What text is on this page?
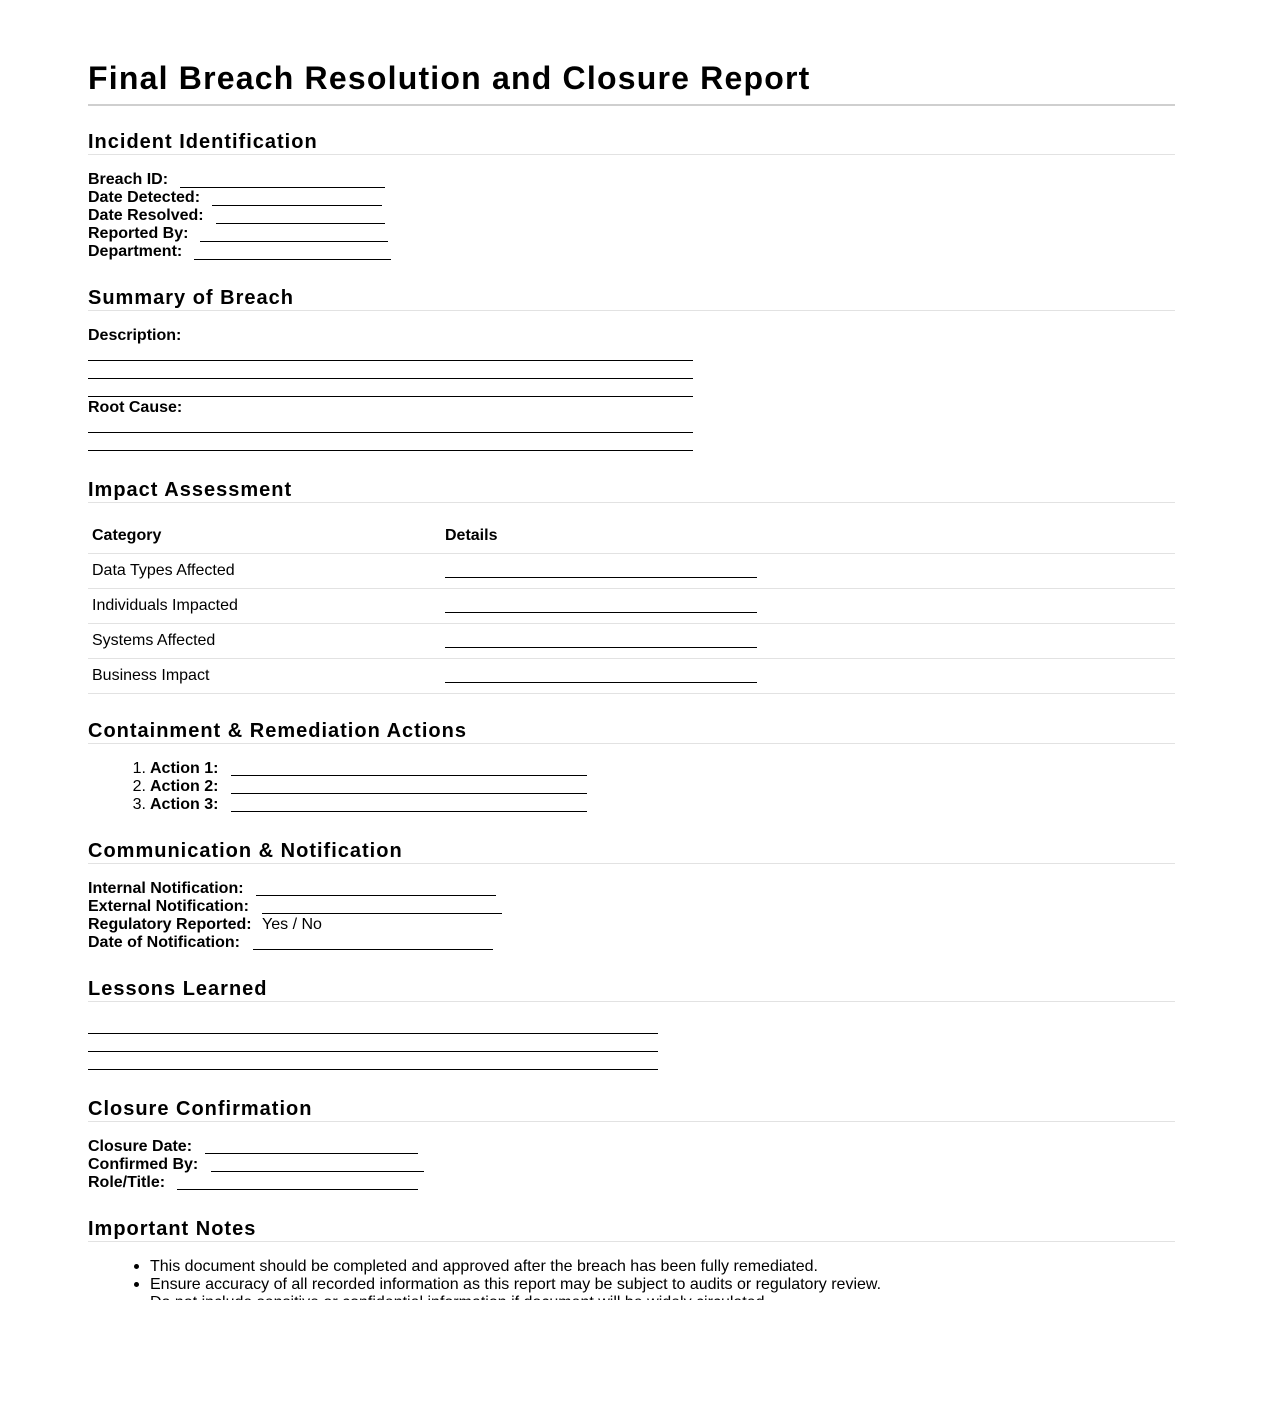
Final Breach Resolution and Closure Report
Incident Identification
Breach ID:
Date Detected:
Date Resolved:
Reported By:
Department:
Summary of Breach
Description:
Root Cause:
Impact Assessment
Category	Details
Data Types Affected
Individuals Impacted
Systems Affected
Business Impact
Containment & Remediation Actions
1. Action 1:
2. Action 2:
3. Action 3:
Communication & Notification
Internal Notification:
External Notification:
Regulatory Reported: Yes / No
Date of Notification:
Lessons Learned
Closure Confirmation
Closure Date:
Confirmed By:
Role/Title:
Important Notes
This document should be completed and approved after the breach has been fully remediated.
Ensure accuracy of all recorded information as this report may be subject to audits or regulatory review.
